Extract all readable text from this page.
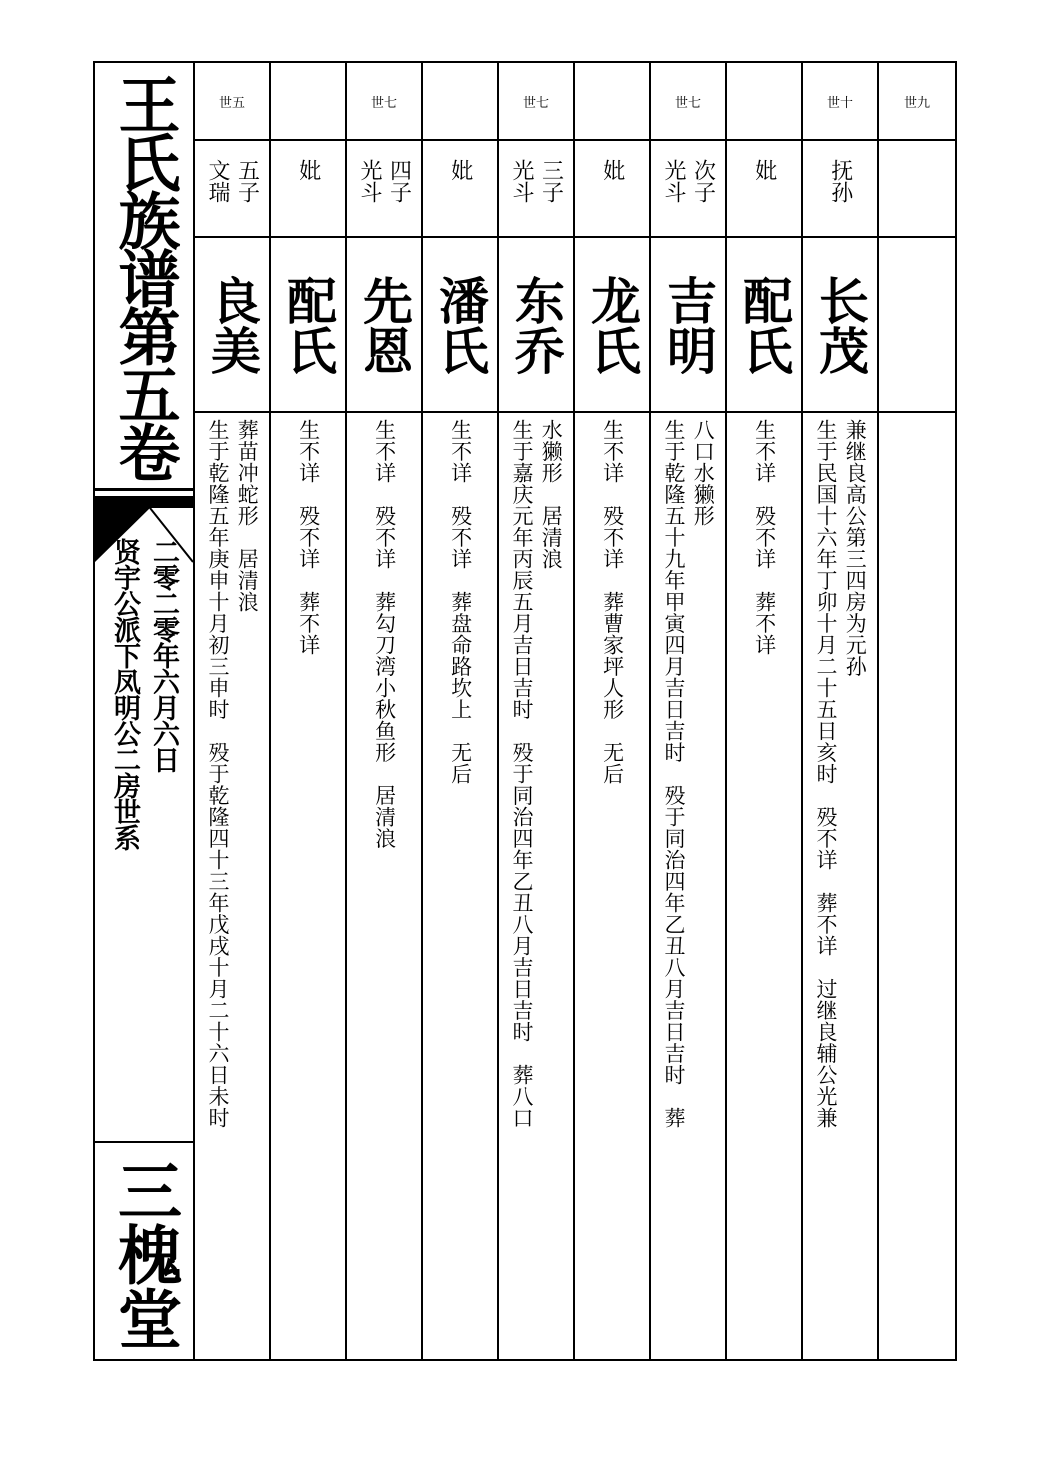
王氏族谱第五卷
贤宇公派下凤明公二房世系 二零二零年六月六日
三槐堂
世五
文瑞 五子
良美
生于乾隆五年庚申十月初三申时　殁于乾隆四十三年戊戌十月二十六日未时 葬苗冲蛇形　居清浪
妣
配氏
生不详　殁不详　葬不详
世七
光斗 四子
先恩
生不详　殁不详　葬勾刀湾小秋鱼形　居清浪
妣
潘氏
生不详　殁不详　葬盘命路坎上　无后
世七
光斗 三子
东乔
生于嘉庆元年丙辰五月吉日吉时　殁于同治四年乙丑八月吉日吉时　葬八口 水獭形　居清浪
妣
龙氏
生不详　殁不详　葬曹家坪人形　无后
世七
光斗 次子
吉明
生于乾隆五十九年甲寅四月吉日吉时　殁于同治四年乙丑八月吉日吉时　葬 八口水獭形
妣
配氏
生不详　殁不详　葬不详
世十
抚孙
长茂
生于民国十六年丁卯十月二十五日亥时　殁不详　葬不详　过继良辅公光兼 兼继良高公第三四房为元孙
世九
